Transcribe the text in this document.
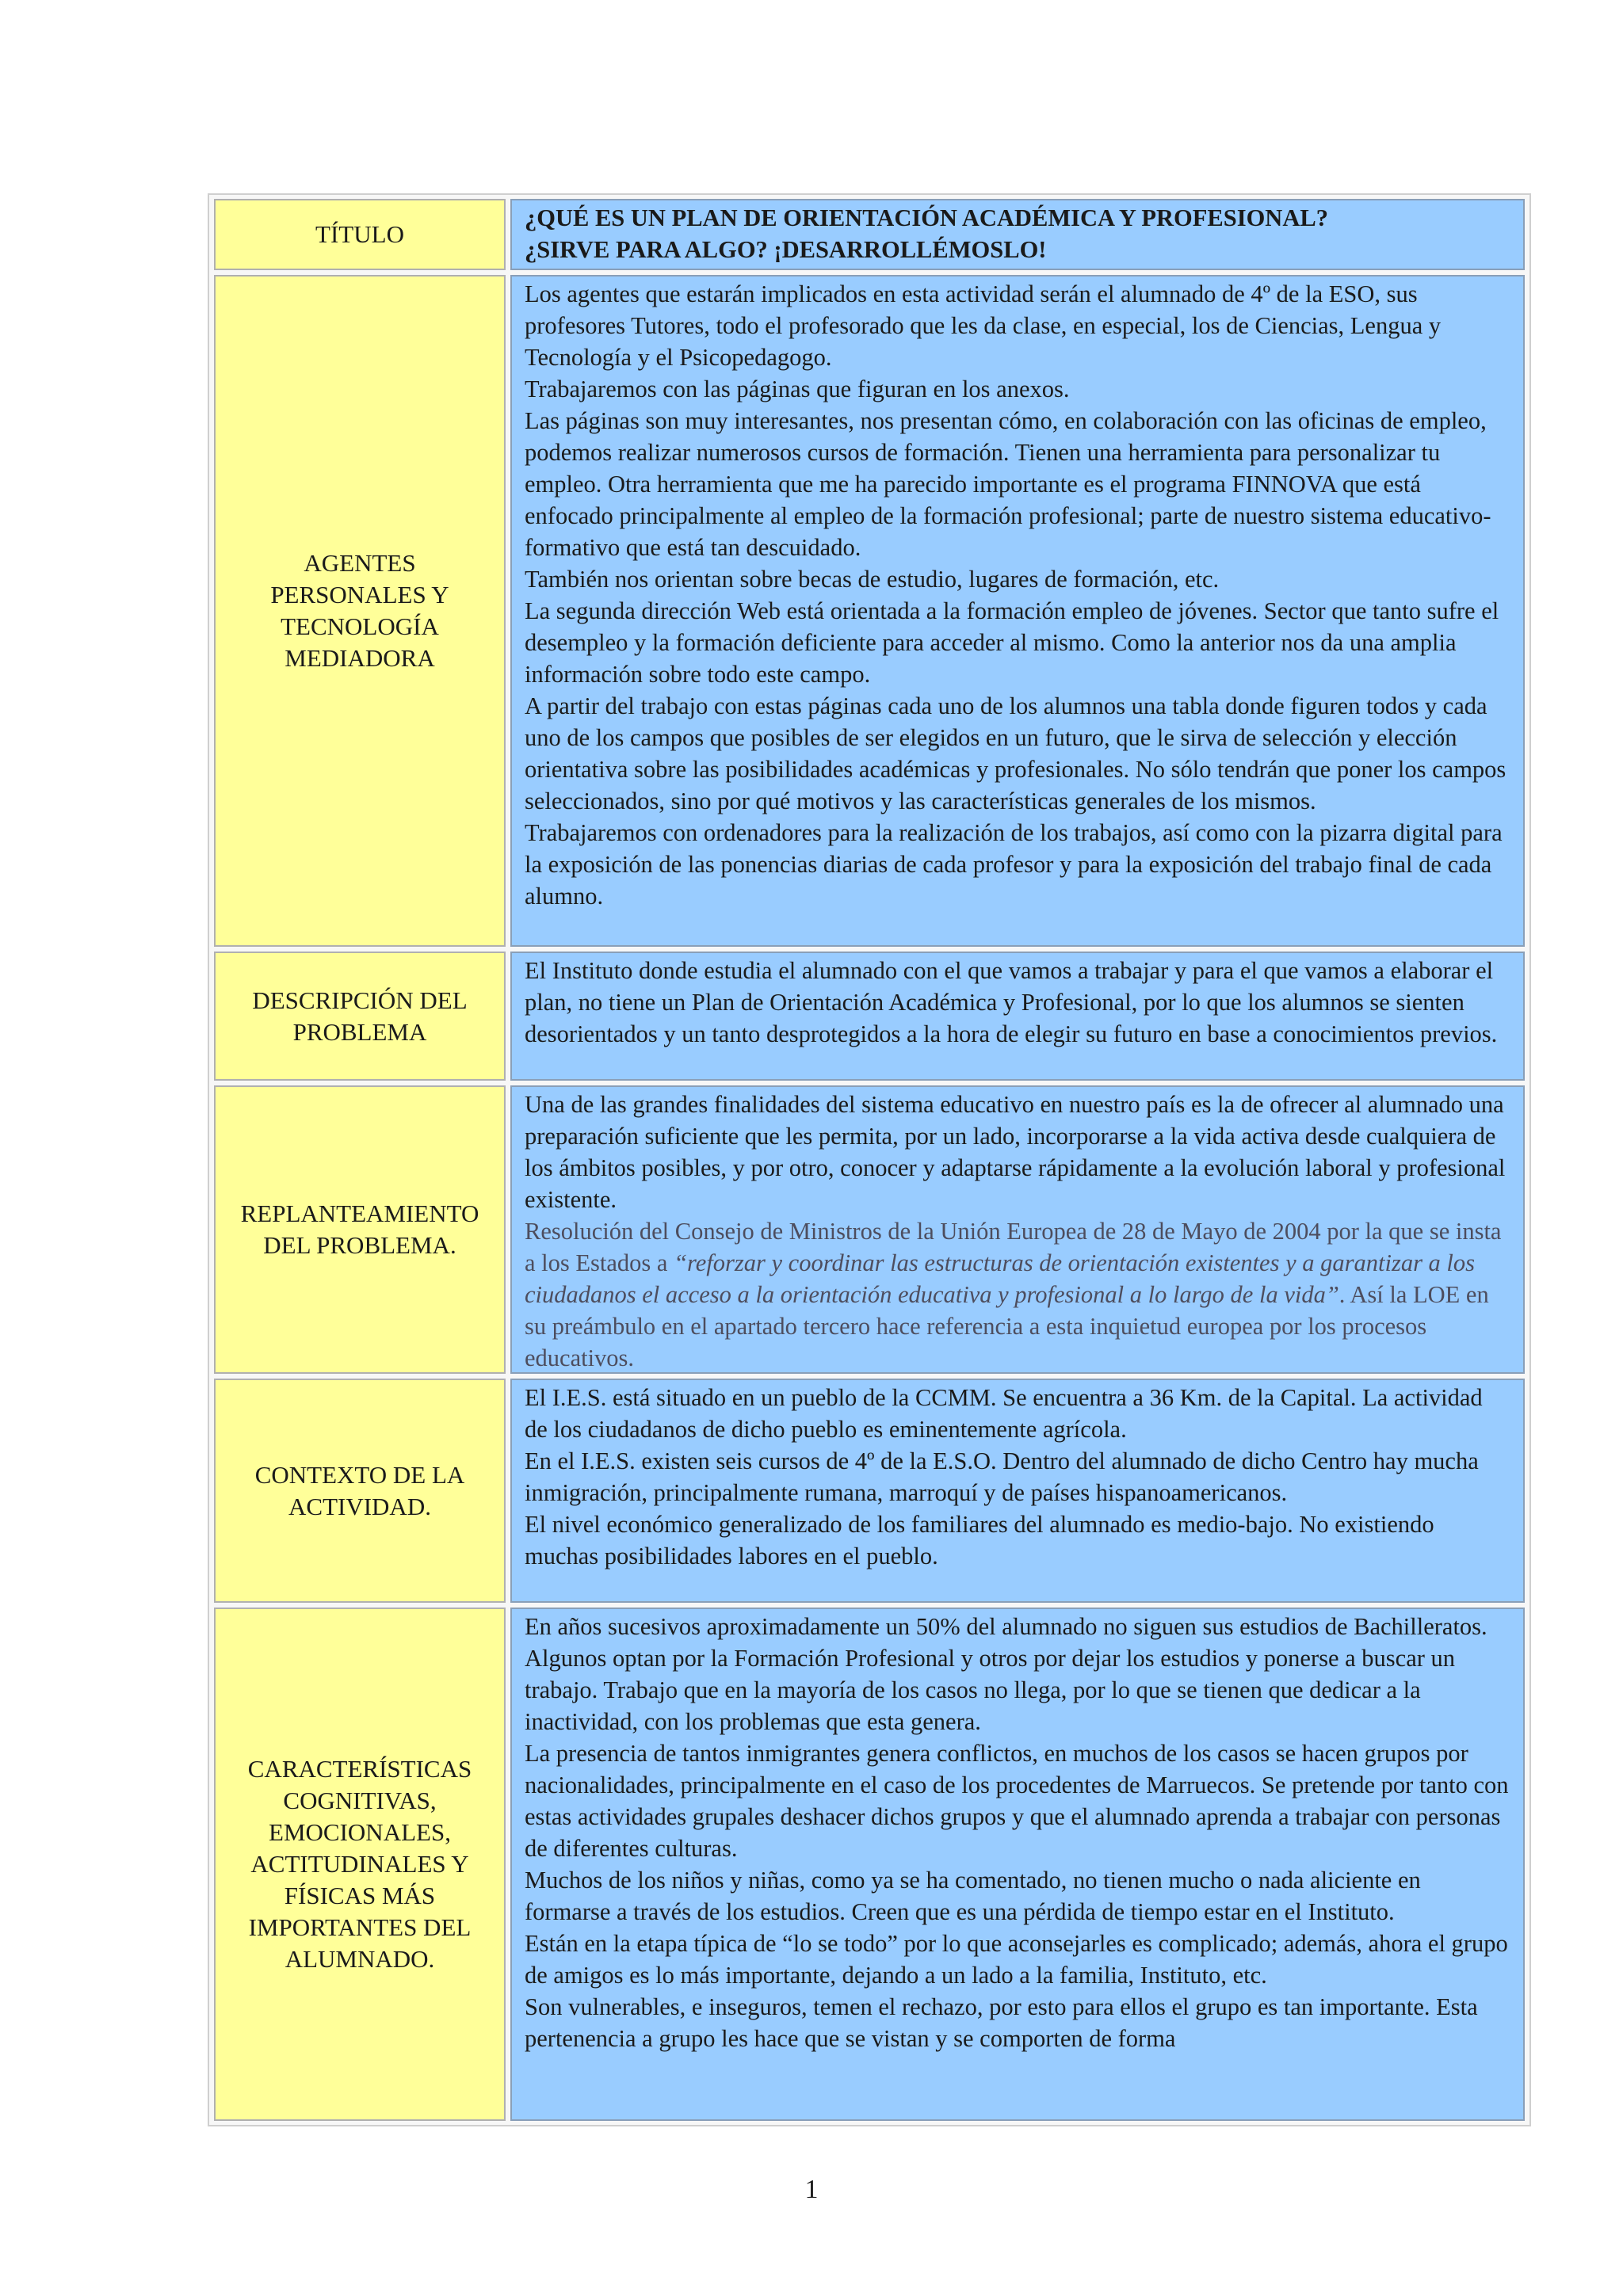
TÍTULO

¿QUÉ ES UN PLAN DE ORIENTACIÓN ACADÉMICA Y PROFESIONAL?
¿SIRVE PARA ALGO? ¡DESARROLLÉMOSLO!

AGENTES
PERSONALES Y
TECNOLOGÍA
MEDIADORA

Los agentes que estarán implicados en esta actividad serán el alumnado de 4º de la ESO, sus profesores Tutores, todo el profesorado que les da clase, en especial, los de Ciencias, Lengua y Tecnología y el Psicopedagogo.

Trabajaremos con las páginas que figuran en los anexos.

Las páginas son muy interesantes, nos presentan cómo, en colaboración con las oficinas de empleo, podemos realizar numerosos cursos de formación. Tienen una herramienta para personalizar tu empleo. Otra herramienta que me ha parecido importante es el programa FINNOVA que está enfocado principalmente al empleo de la formación profesional; parte de nuestro sistema educativo-formativo que está tan descuidado.

También nos orientan sobre becas de estudio, lugares de formación, etc.

La segunda dirección Web está orientada a la formación empleo de jóvenes. Sector que tanto sufre el desempleo y la formación deficiente para acceder al mismo. Como la anterior nos da una amplia información sobre todo este campo.

A partir del trabajo con estas páginas cada uno de los alumnos una tabla donde figuren todos y cada uno de los campos que posibles de ser elegidos en un futuro, que le sirva de selección y elección orientativa sobre las posibilidades académicas y profesionales. No sólo tendrán que poner los campos seleccionados, sino por qué motivos y las características generales de los mismos.

Trabajaremos con ordenadores para la realización de los trabajos, así como con la pizarra digital para la exposición de las ponencias diarias de cada profesor y para la exposición del trabajo final de cada alumno.

DESCRIPCIÓN DEL
PROBLEMA

El Instituto donde estudia el alumnado con el que vamos a trabajar y para el que vamos a elaborar el plan, no tiene un Plan de Orientación Académica y Profesional, por lo que los alumnos se sienten desorientados y un tanto desprotegidos a la hora de elegir su futuro en base a conocimientos previos.

REPLANTEAMIENTO
DEL PROBLEMA.

Una de las grandes finalidades del sistema educativo en nuestro país es la de ofrecer al alumnado una preparación suficiente que les permita, por un lado, incorporarse a la vida activa desde cualquiera de los ámbitos posibles, y por otro, conocer y adaptarse rápidamente a la evolución laboral y profesional existente.

Resolución del Consejo de Ministros de la Unión Europea de 28 de Mayo de 2004 por la que se insta a los Estados a “reforzar y coordinar las estructuras de orientación existentes y a garantizar a los ciudadanos el acceso a la orientación educativa y profesional a lo largo de la vida”. Así la LOE en su preámbulo en el apartado tercero hace referencia a esta inquietud europea por los procesos educativos.

CONTEXTO DE LA
ACTIVIDAD.

El I.E.S. está situado en un pueblo de la CCMM. Se encuentra a 36 Km. de la Capital. La actividad de los ciudadanos de dicho pueblo es eminentemente agrícola.

En el I.E.S. existen seis cursos de 4º de la E.S.O. Dentro del alumnado de dicho Centro hay mucha inmigración, principalmente rumana, marroquí y de países hispanoamericanos.

El nivel económico generalizado de los familiares del alumnado es medio-bajo. No existiendo muchas posibilidades labores en el pueblo.

CARACTERÍSTICAS
COGNITIVAS,
EMOCIONALES,
ACTITUDINALES Y
FÍSICAS MÁS
IMPORTANTES DEL
ALUMNADO.

En años sucesivos aproximadamente un 50% del alumnado no siguen sus estudios de Bachilleratos. Algunos optan por la Formación Profesional y otros por dejar los estudios y ponerse a buscar un trabajo. Trabajo que en la mayoría de los casos no llega, por lo que se tienen que dedicar a la inactividad, con los problemas que esta genera.

La presencia de tantos inmigrantes genera conflictos, en muchos de los casos se hacen grupos por nacionalidades, principalmente en el caso de los procedentes de Marruecos. Se pretende por tanto con estas actividades grupales deshacer dichos grupos y que el alumnado aprenda a trabajar con personas de diferentes culturas.

Muchos de los niños y niñas, como ya se ha comentado, no tienen mucho o nada aliciente en formarse a través de los estudios. Creen que es una pérdida de tiempo estar en el Instituto.

Están en la etapa típica de “lo se todo” por lo que aconsejarles es complicado; además, ahora el grupo de amigos es lo más importante, dejando a un lado a la familia, Instituto, etc.

Son vulnerables, e inseguros, temen el rechazo, por esto para ellos el grupo es tan importante. Esta pertenencia a grupo les hace que se vistan y se comporten de forma

1
